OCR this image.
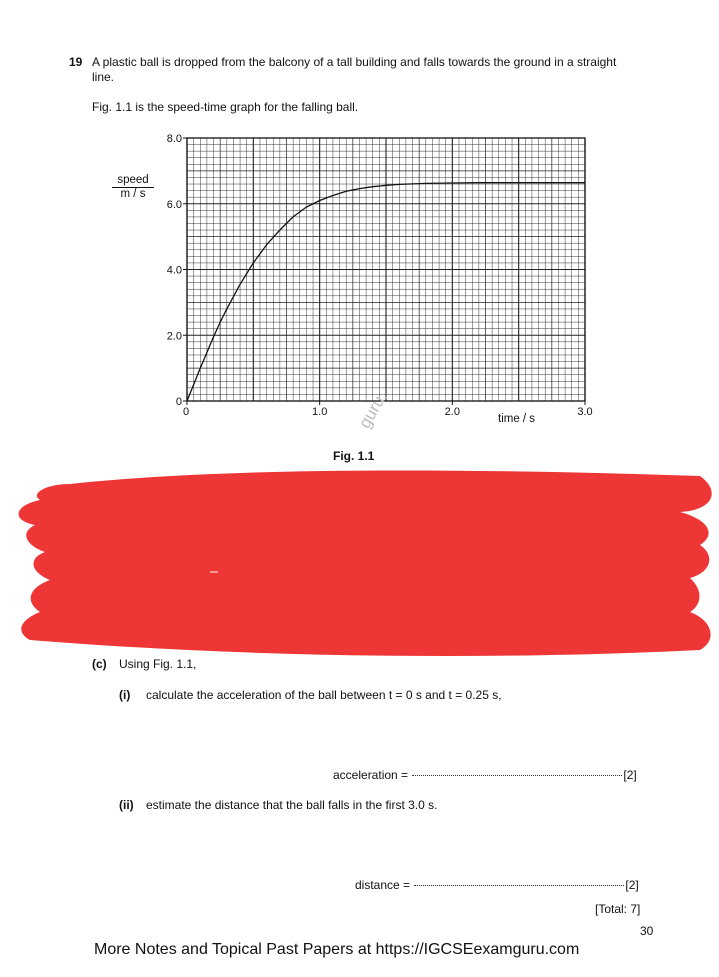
19 A plastic ball is dropped from the balcony of a tall building and falls towards the ground in a straight
line.
Fig. 1.1 is the speed-time graph for the falling ball.
speed
m / s
0
2.0
4.0
6.0
8.0
0	1.0	2.0	3.0
time / s
guru.
Fig. 1.1
(c) Using Fig. 1.1,
(i) calculate the acceleration of the ball between t = 0 s and t = 0.25 s,
acceleration =	[2]
(ii) estimate the distance that the ball falls in the first 3.0 s.
distance =	[2]
[Total: 7]
30
More Notes and Topical Past Papers at https://IGCSEexamguru.com
